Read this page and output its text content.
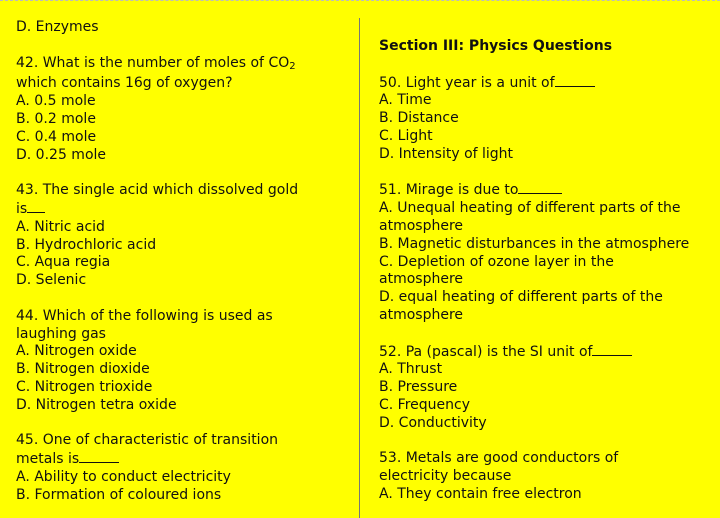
D. Enzymes
42. What is the number of moles of $CO_2$
which contains 16g of oxygen?
A. 0.5 mole
B. 0.2 mole
C. 0.4 mole
D. 0.25 mole
43. The single acid which dissolved gold
is
A. Nitric acid
B. Hydrochloric acid
C. Aqua regia
D. Selenic
44. Which of the following is used as
laughing gas
A. Nitrogen oxide
B. Nitrogen dioxide
C. Nitrogen trioxide
D. Nitrogen tetra oxide
45. One of characteristic of transition
metals is
A. Ability to conduct electricity
B. Formation of coloured ions
Section III: Physics Questions
50. Light year is a unit of
A. Time
B. Distance
C. Light
D. Intensity of light
51. Mirage is due to
A. Unequal heating of different parts of the atmosphere
B. Magnetic disturbances in the atmosphere
C. Depletion of ozone layer in the atmosphere
D. equal heating of different parts of the atmosphere
52. Pa (pascal) is the SI unit of
A. Thrust
B. Pressure
C. Frequency
D. Conductivity
53. Metals are good conductors of
electricity because
A. They contain free electron
